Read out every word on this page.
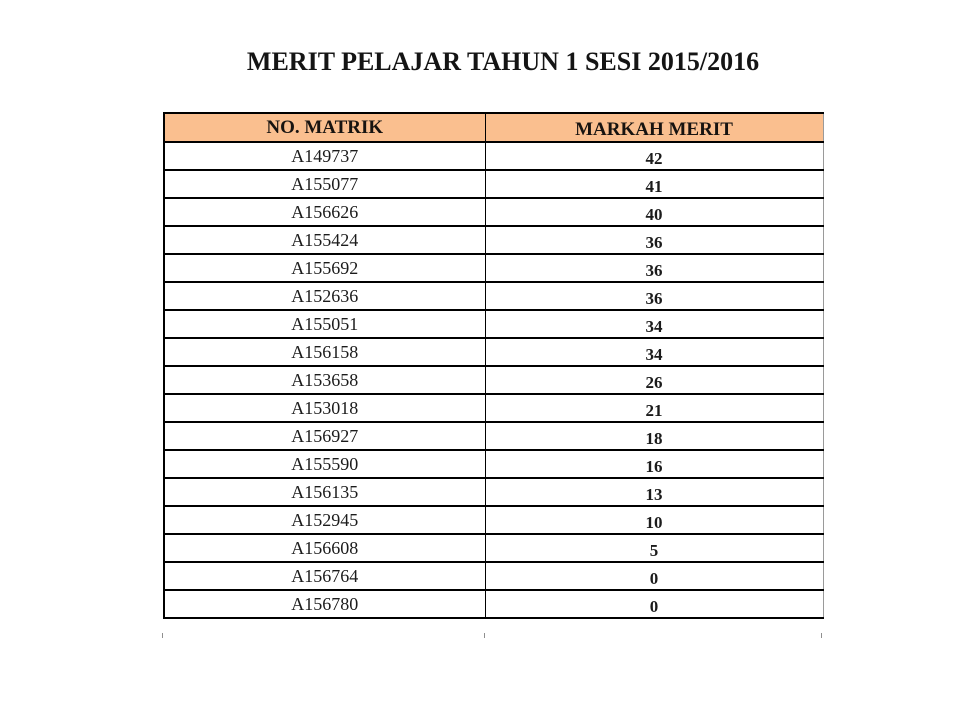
MERIT PELAJAR TAHUN 1 SESI 2015/2016
NO. MATRIK	MARKAH MERIT
A149737	42
A155077	41
A156626	40
A155424	36
A155692	36
A152636	36
A155051	34
A156158	34
A153658	26
A153018	21
A156927	18
A155590	16
A156135	13
A152945	10
A156608	5
A156764	0
A156780	0
